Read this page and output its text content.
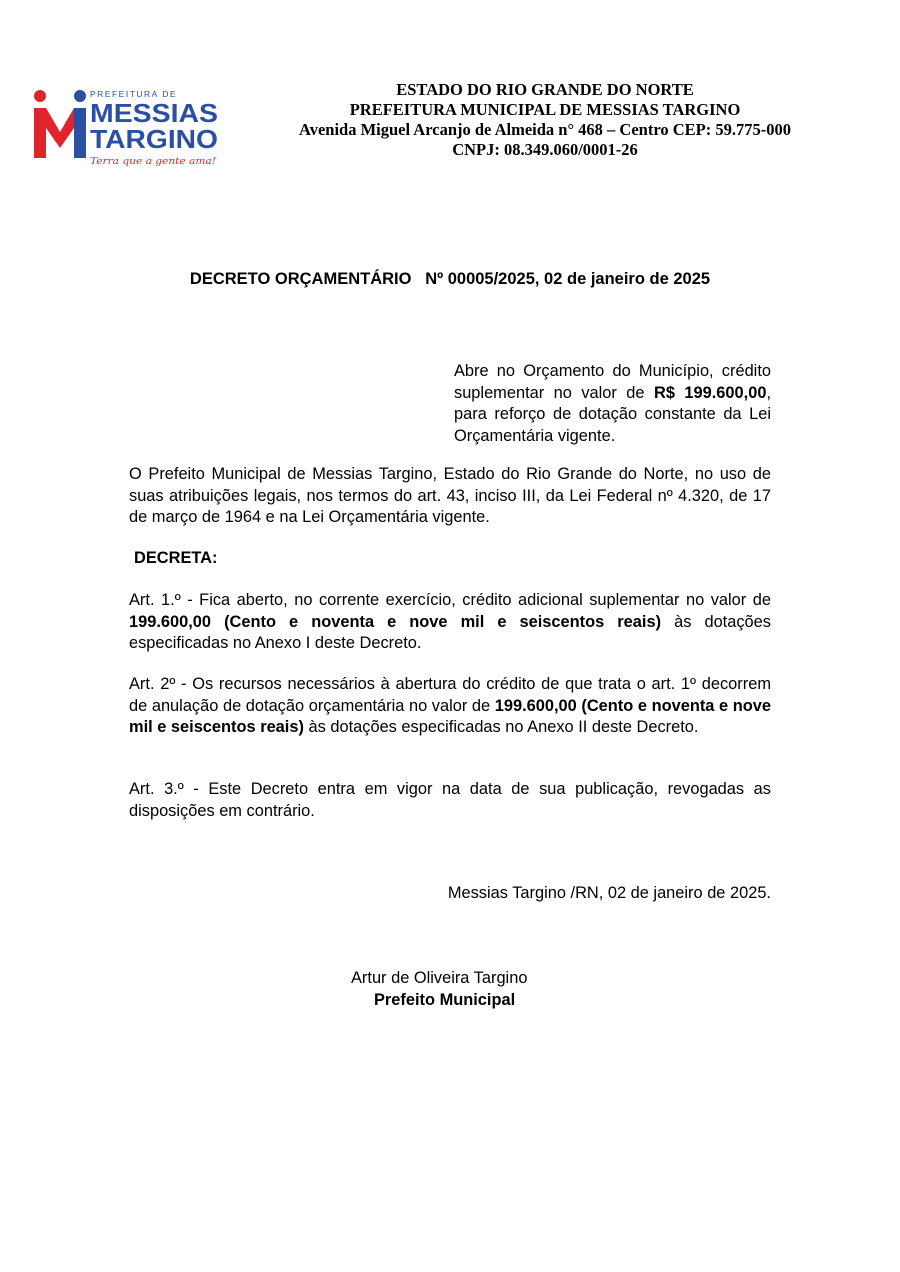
PREFEITURA DE
MESSIAS
TARGINO
Terra que a gente ama!
ESTADO DO RIO GRANDE DO NORTE
PREFEITURA MUNICIPAL DE MESSIAS TARGINO
Avenida Miguel Arcanjo de Almeida n° 468 – Centro CEP: 59.775-000
CNPJ: 08.349.060/0001-26
DECRETO ORÇAMENTÁRIO   Nº 00005/2025, 02 de janeiro de 2025
Abre no Orçamento do Município, crédito suplementar no valor de R$ 199.600,00, para reforço de dotação constante da Lei Orçamentária vigente.
O Prefeito Municipal de Messias Targino, Estado do Rio Grande do Norte, no uso de suas atribuições legais, nos termos do art. 43, inciso III, da Lei Federal nº 4.320, de 17 de março de 1964 e na Lei Orçamentária vigente.
DECRETA:
Art. 1.º - Fica aberto, no corrente exercício, crédito adicional suplementar no valor de 199.600,00 (Cento e noventa e nove mil e seiscentos reais) às dotações especificadas no Anexo I deste Decreto.
Art. 2º - Os recursos necessários à abertura do crédito de que trata o art. 1º decorrem de anulação de dotação orçamentária no valor de 199.600,00 (Cento e noventa e nove mil e seiscentos reais) às dotações especificadas no Anexo II deste Decreto.
Art. 3.º - Este Decreto entra em vigor na data de sua publicação, revogadas as disposições em contrário.
Messias Targino /RN, 02 de janeiro de 2025.
Artur de Oliveira Targino
Prefeito Municipal
